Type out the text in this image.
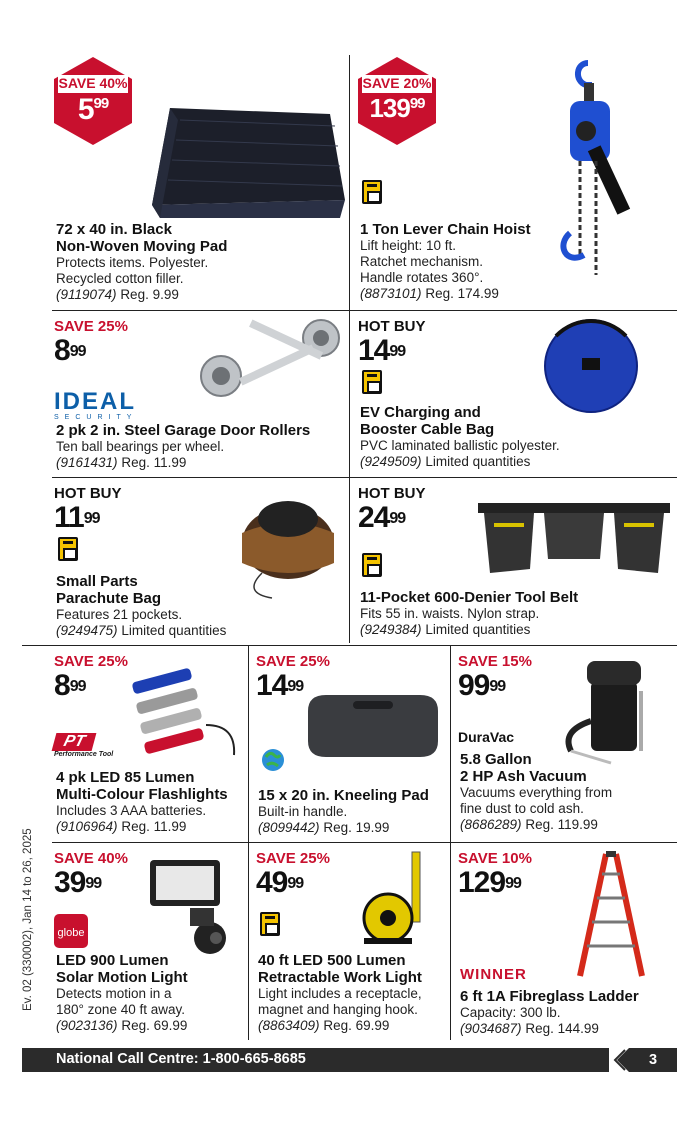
SAVE 40%
$5^{99}$
72 x 40 in. Black
Non-Woven Moving Pad
Protects items. Polyester.
Recycled cotton filler.
(9119074) Reg. 9.99
SAVE 20%
$139^{99}$
1 Ton Lever Chain Hoist
Lift height: 10 ft.
Ratchet mechanism.
Handle rotates 360°.
(8873101) Reg. 174.99
SAVE 25%
$8^{99}$
IDEAL
SECURITY
2 pk 2 in. Steel Garage Door Rollers
Ten ball bearings per wheel.
(9161431) Reg. 11.99
HOT BUY
$14^{99}$
EV Charging and
Booster Cable Bag
PVC laminated ballistic polyester.
(9249509) Limited quantities
HOT BUY
$11^{99}$
Small Parts
Parachute Bag
Features 21 pockets.
(9249475) Limited quantities
HOT BUY
$24^{99}$
11-Pocket 600-Denier Tool Belt
Fits 55 in. waists. Nylon strap.
(9249384) Limited quantities
SAVE 25%
$8^{99}$
PT
Performance Tool
4 pk LED 85 Lumen
Multi-Colour Flashlights
Includes 3 AAA batteries.
(9106964) Reg. 11.99
SAVE 25%
$14^{99}$
15 x 20 in. Kneeling Pad
Built-in handle.
(8099442) Reg. 19.99
SAVE 15%
$99^{99}$
DuraVac
5.8 Gallon
2 HP Ash Vacuum
Vacuums everything from
fine dust to cold ash.
(8686289) Reg. 119.99
SAVE 40%
$39^{99}$
globe
LED 900 Lumen
Solar Motion Light
Detects motion in a
180° zone 40 ft away.
(9023136) Reg. 69.99
SAVE 25%
$49^{99}$
40 ft LED 500 Lumen
Retractable Work Light
Light includes a receptacle,
magnet and hanging hook.
(8863409) Reg. 69.99
SAVE 10%
$129^{99}$
WINNER
6 ft 1A Fibreglass Ladder
Capacity: 300 lb.
(9034687) Reg. 144.99
Ev. 02 (330002), Jan 14 to 26, 2025
National Call Centre: 1-800-665-8685	3
